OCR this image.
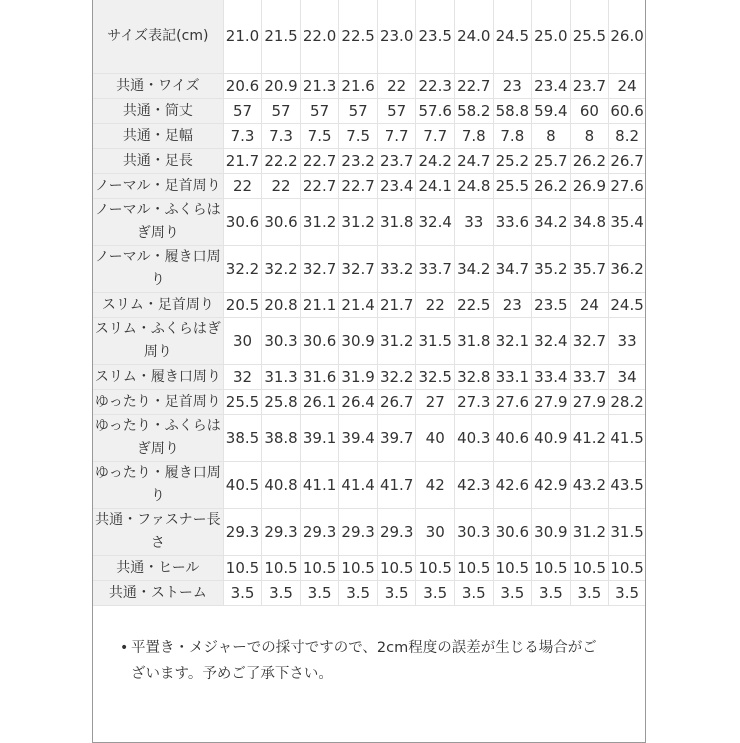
サイズ表記(cm)	21.0	21.5	22.0	22.5	23.0	23.5	24.0	24.5	25.0	25.5	26.0
共通・ワイズ	20.6	20.9	21.3	21.6	22	22.3	22.7	23	23.4	23.7	24
共通・筒丈	57	57	57	57	57	57.6	58.2	58.8	59.4	60	60.6
共通・足幅	7.3	7.3	7.5	7.5	7.7	7.7	7.8	7.8	8	8	8.2
共通・足長	21.7	22.2	22.7	23.2	23.7	24.2	24.7	25.2	25.7	26.2	26.7
ノーマル・足首周り	22	22	22.7	22.7	23.4	24.1	24.8	25.5	26.2	26.9	27.6
ノーマル・ふくらはぎ周り	30.6	30.6	31.2	31.2	31.8	32.4	33	33.6	34.2	34.8	35.4
ノーマル・履き口周り	32.2	32.2	32.7	32.7	33.2	33.7	34.2	34.7	35.2	35.7	36.2
スリム・足首周り	20.5	20.8	21.1	21.4	21.7	22	22.5	23	23.5	24	24.5
スリム・ふくらはぎ周り	30	30.3	30.6	30.9	31.2	31.5	31.8	32.1	32.4	32.7	33
スリム・履き口周り	32	31.3	31.6	31.9	32.2	32.5	32.8	33.1	33.4	33.7	34
ゆったり・足首周り	25.5	25.8	26.1	26.4	26.7	27	27.3	27.6	27.9	27.9	28.2
ゆったり・ふくらはぎ周り	38.5	38.8	39.1	39.4	39.7	40	40.3	40.6	40.9	41.2	41.5
ゆったり・履き口周り	40.5	40.8	41.1	41.4	41.7	42	42.3	42.6	42.9	43.2	43.5
共通・ファスナー長さ	29.3	29.3	29.3	29.3	29.3	30	30.3	30.6	30.9	31.2	31.5
共通・ヒール	10.5	10.5	10.5	10.5	10.5	10.5	10.5	10.5	10.5	10.5	10.5
共通・ストーム	3.5	3.5	3.5	3.5	3.5	3.5	3.5	3.5	3.5	3.5	3.5
• 平置き・メジャーでの採寸ですので、2cm程度の誤差が生じる場合がございます。予めご了承下さい。
